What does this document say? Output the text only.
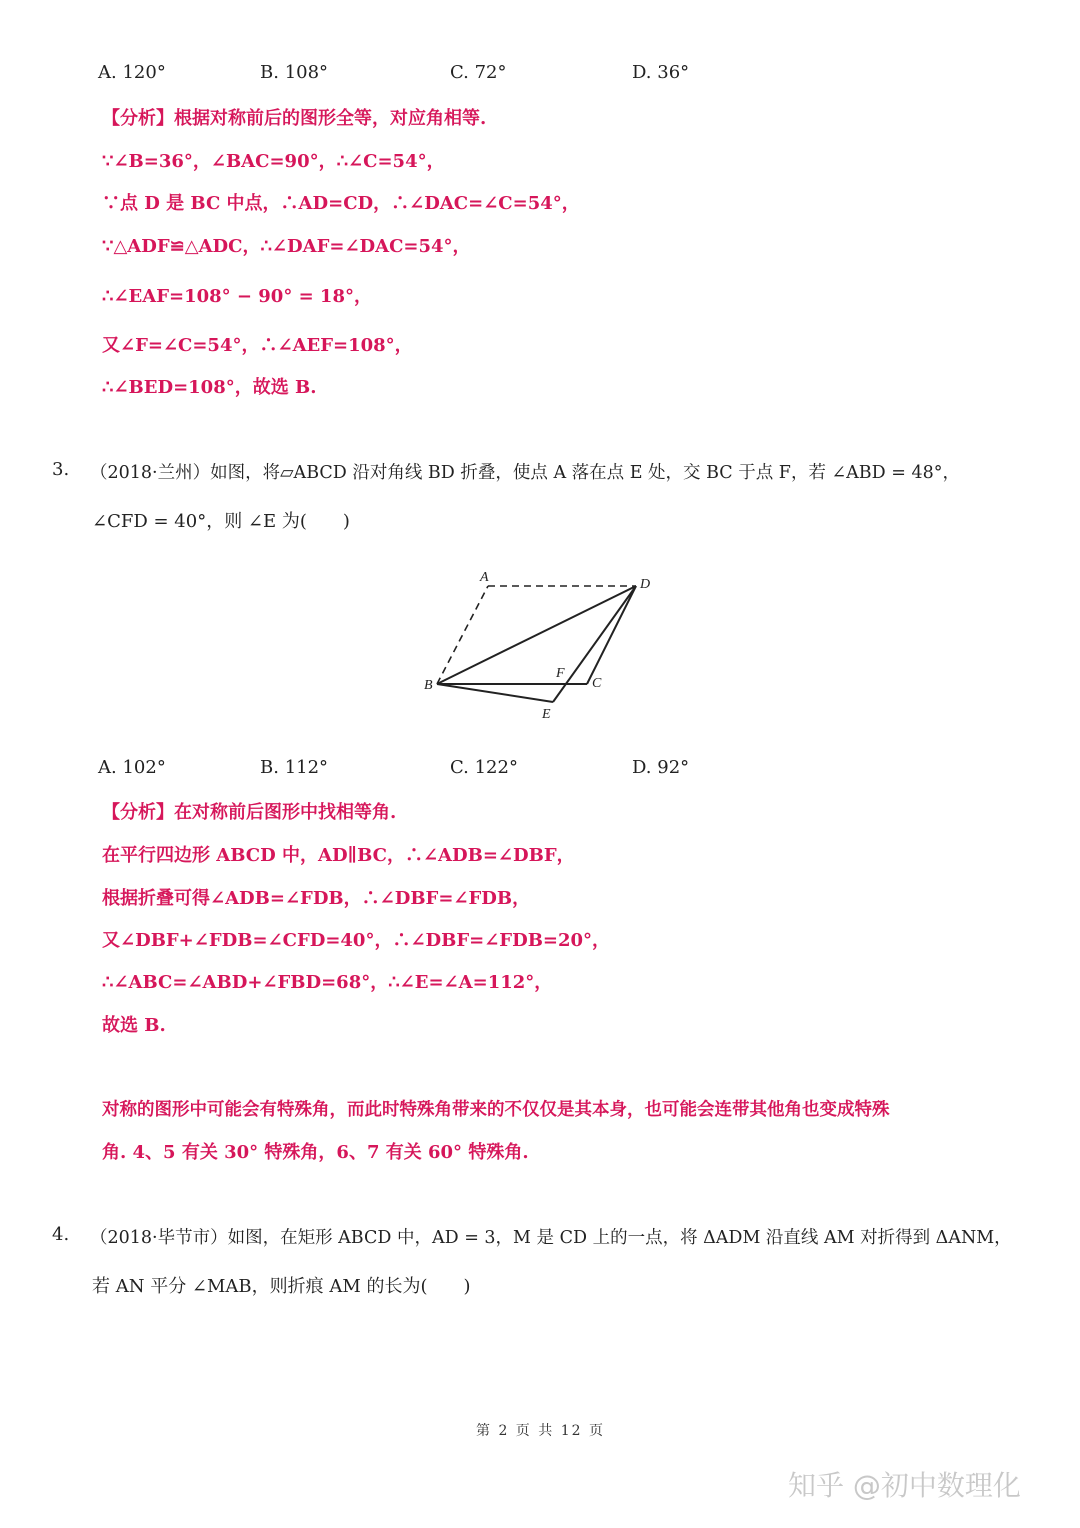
A. 120°	B. 108°	C. 72°	D. 36°
【分析】根据对称前后的图形全等，对应角相等.
∵∠B=36°，∠BAC=90°，∴∠C=54°，
∵点 D 是 BC 中点，∴AD=CD，∴∠DAC=∠C=54°，
∵△ADF≌△ADC，∴∠DAF=∠DAC=54°，
∴∠EAF=108° − 90° = 18°，
又∠F=∠C=54°，∴∠AEF=108°，
∴∠BED=108°，故选 B.
3. （2018·兰州）如图，将▱ABCD 沿对角线 BD 折叠，使点 A 落在点 E 处，交 BC 于点 F，若 ∠ABD = 48°，
∠CFD = 40°，则 ∠E 为(　　)
A	D
B	C
F
E
A. 102°	B. 112°	C. 122°	D. 92°
【分析】在对称前后图形中找相等角.
在平行四边形 ABCD 中，AD∥BC，∴∠ADB=∠DBF，
根据折叠可得∠ADB=∠FDB，∴∠DBF=∠FDB，
又∠DBF+∠FDB=∠CFD=40°，∴∠DBF=∠FDB=20°，
∴∠ABC=∠ABD+∠FBD=68°，∴∠E=∠A=112°，
故选 B.
对称的图形中可能会有特殊角，而此时特殊角带来的不仅仅是其本身，也可能会连带其他角也变成特殊
角. 4、5 有关 30° 特殊角，6、7 有关 60° 特殊角.
4. （2018·毕节市）如图，在矩形 ABCD 中，AD = 3，M 是 CD 上的一点，将 ΔADM 沿直线 AM 对折得到 ΔANM，
若 AN 平分 ∠MAB，则折痕 AM 的长为(　　)
第 2 页 共 12 页
知乎 @初中数理化
